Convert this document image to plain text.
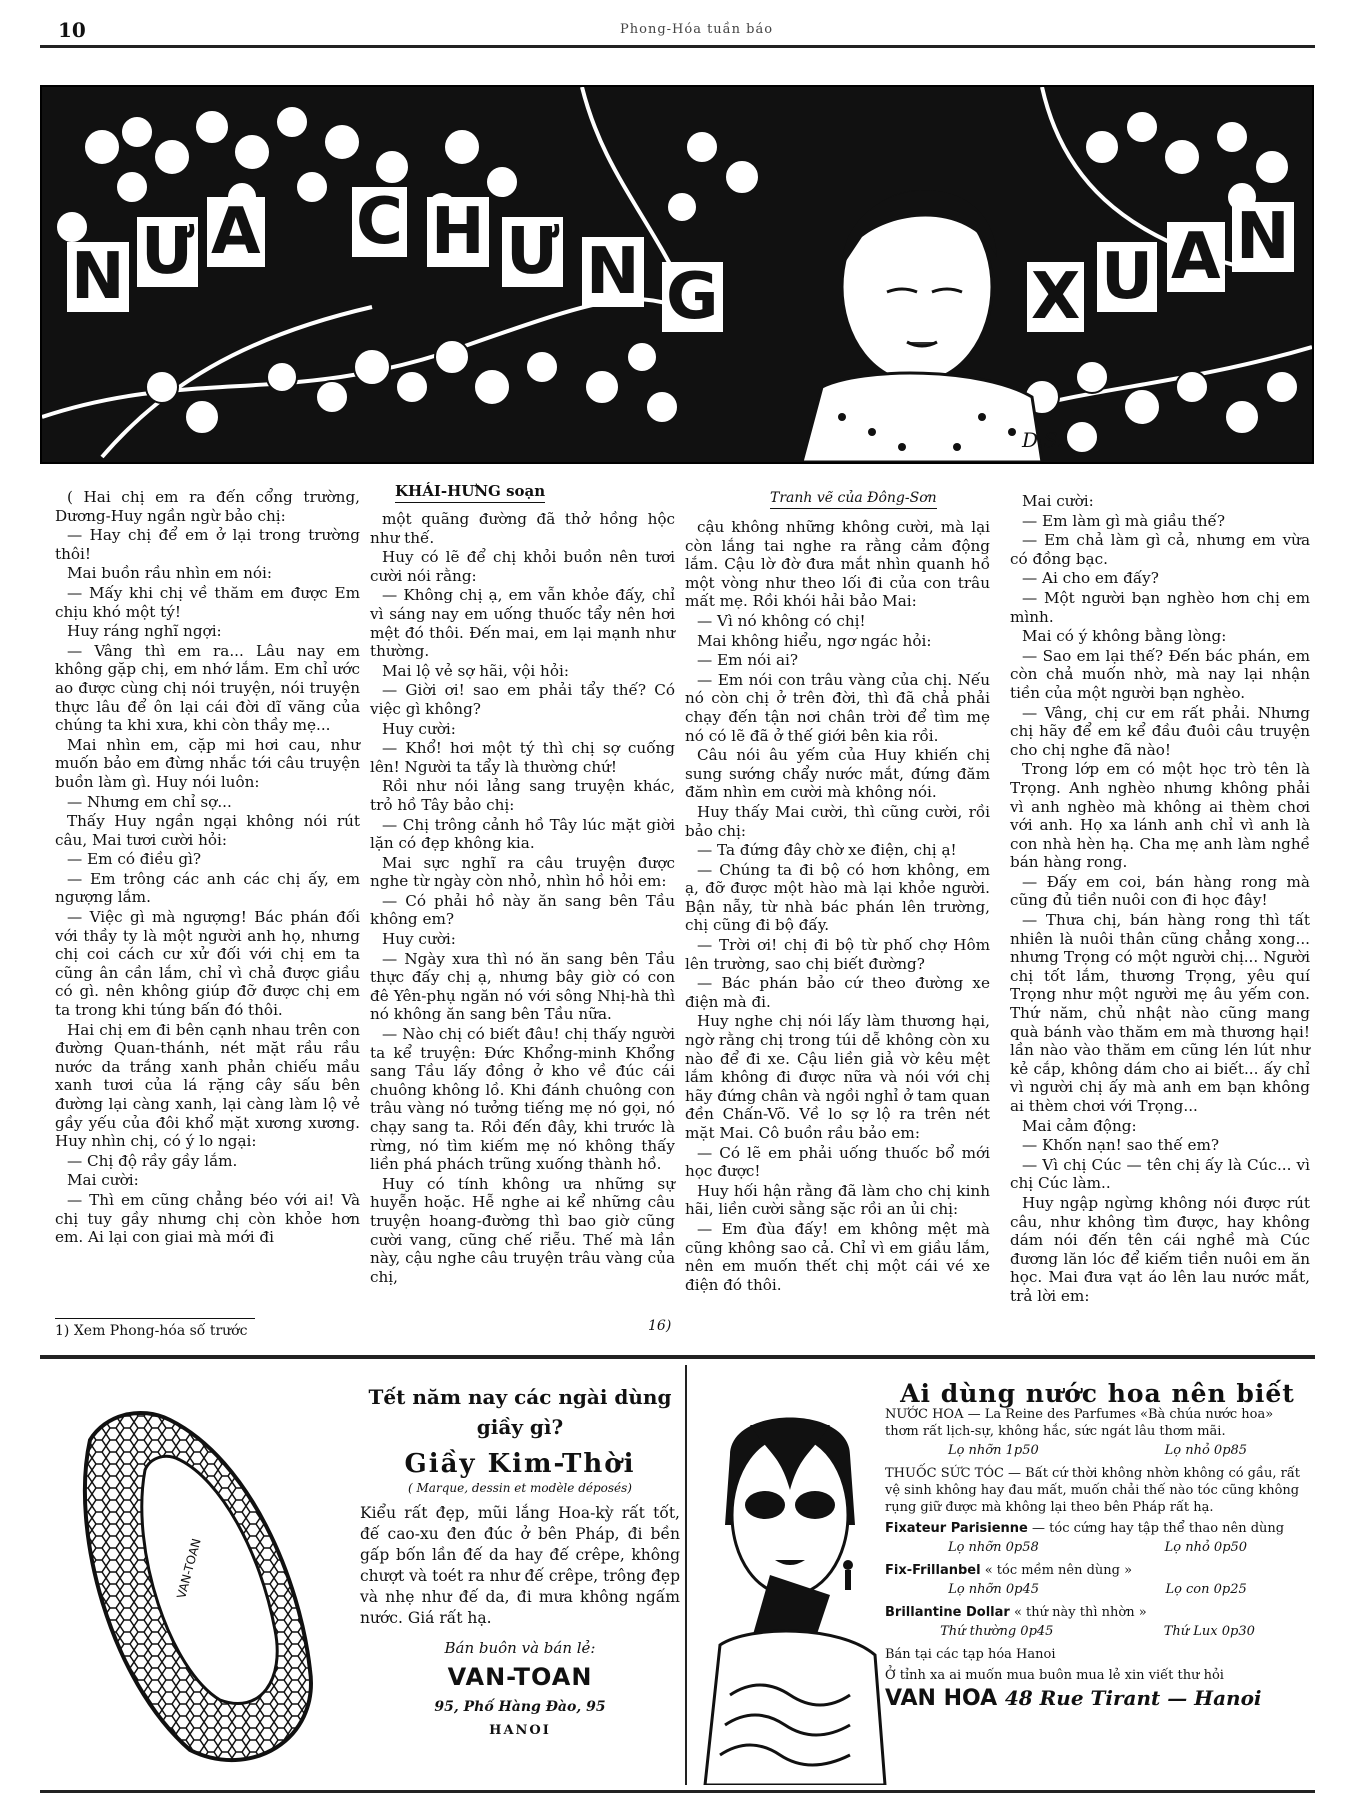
10	Phong-Hóa tuần báo
D.S.
N Ư A C H Ư N G	X U A N
KHÁI-HƯNG soạn	Tranh vẽ của Đông-Sơn

( Hai chị em ra đến cổng trường, Dương-Huy ngần ngừ bảo chị:

— Hay chị để em ở lại trong trường thôi!

Mai buồn rầu nhìn em nói:

— Mấy khi chị về thăm em được Em chịu khó một tý!

Huy ráng nghĩ ngợi:

— Vâng thì em ra... Lâu nay em không gặp chị, em nhớ lắm. Em chỉ ước ao được cùng chị nói truyện, nói truyện thực lâu để ôn lại cái đời dĩ vãng của chúng ta khi xưa, khi còn thầy mẹ...

Mai nhìn em, cặp mi hơi cau, như muốn bảo em đừng nhắc tới câu truyện buồn làm gì. Huy nói luôn:

— Nhưng em chỉ sợ...

Thấy Huy ngần ngại không nói rút câu, Mai tươi cười hỏi:

— Em có điều gì?

— Em trông các anh các chị ấy, em ngượng lắm.

— Việc gì mà ngượng! Bác phán đối với thầy ty là một người anh họ, nhưng chị coi cách cư xử đối với chị em ta cũng ân cần lắm, chỉ vì chả được giầu có gì. nên không giúp đỡ được chị em ta trong khi túng bấn đó thôi.

Hai chị em đi bên cạnh nhau trên con đường Quan-thánh, nét mặt rầu rầu nước da trắng xanh phản chiếu mầu xanh tươi của lá rặng cây sấu bên đường lại càng xanh, lại càng làm lộ vẻ gầy yếu của đôi khổ mặt xương xương. Huy nhìn chị, có ý lo ngại:

— Chị độ rầy gầy lắm.

Mai cười:

— Thì em cũng chẳng béo với ai! Và chị tuy gầy nhưng chị còn khỏe hơn em. Ai lại con giai mà mới đi

một quãng đường đã thở hồng hộc như thế.

Huy có lẽ để chị khỏi buồn nên tươi cười nói rằng:

— Không chị ạ, em vẫn khỏe đấy, chỉ vì sáng nay em uống thuốc tẩy nên hơi mệt đó thôi. Đến mai, em lại mạnh như thường.

Mai lộ vẻ sợ hãi, vội hỏi:

— Giời ơi! sao em phải tẩy thế? Có việc gì không?

Huy cười:

— Khổ! hơi một tý thì chị sợ cuống lên! Người ta tẩy là thường chứ!

Rồi như nói lảng sang truyện khác, trỏ hồ Tây bảo chị:

— Chị trông cảnh hồ Tây lúc mặt giời lặn có đẹp không kia.

Mai sực nghĩ ra câu truyện được nghe từ ngày còn nhỏ, nhìn hồ hỏi em:

— Có phải hồ này ăn sang bên Tầu không em?

Huy cười:

— Ngày xưa thì nó ăn sang bên Tầu thực đấy chị ạ, nhưng bây giờ có con đê Yên-phụ ngăn nó với sông Nhị-hà thì nó không ăn sang bên Tầu nữa.

— Nào chị có biết đâu! chị thấy người ta kể truyện: Đức Khổng-minh Khổng sang Tầu lấy đồng ở kho về đúc cái chuông không lồ. Khi đánh chuông con trâu vàng nó tưởng tiếng mẹ nó gọi, nó chạy sang ta. Rồi đến đây, khi trước là rừng, nó tìm kiếm mẹ nó không thấy liền phá phách trũng xuống thành hồ.

Huy có tính không ưa những sự huyễn hoặc. Hễ nghe ai kể những câu truyện hoang-đường thì bao giờ cũng cười vang, cũng chế riễu. Thế mà lần này, cậu nghe câu truyện trâu vàng của chị,

cậu không những không cười, mà lại còn lắng tai nghe ra rằng cảm động lắm. Cậu lờ đờ đưa mắt nhìn quanh hồ một vòng như theo lối đi của con trâu mất mẹ. Rồi khói hải bảo Mai:

— Vì nó không có chị!

Mai không hiểu, ngơ ngác hỏi:

— Em nói ai?

— Em nói con trâu vàng của chị. Nếu nó còn chị ở trên đời, thì đã chả phải chạy đến tận nơi chân trời để tìm mẹ nó có lẽ đã ở thế giới bên kia rồi.

Câu nói âu yếm của Huy khiến chị sung sướng chẩy nước mắt, đứng đăm đăm nhìn em cười mà không nói.

Huy thấy Mai cười, thì cũng cười, rồi bảo chị:

— Ta đứng đây chờ xe điện, chị ạ!

— Chúng ta đi bộ có hơn không, em ạ, đỡ được một hào mà lại khỏe người. Bận nẫy, từ nhà bác phán lên trường, chị cũng đi bộ đấy.

— Trời ơi! chị đi bộ từ phố chợ Hôm lên trường, sao chị biết đường?

— Bác phán bảo cứ theo đường xe điện mà đi.

Huy nghe chị nói lấy làm thương hại, ngờ rằng chị trong túi dễ không còn xu nào để đi xe. Cậu liền giả vờ kêu mệt lắm không đi được nữa và nói với chị hãy đứng chân và ngồi nghỉ ở tam quan đền Chấn-Võ. Về lo sợ lộ ra trên nét mặt Mai. Cô buồn rầu bảo em:

— Có lẽ em phải uống thuốc bổ mới học được!

Huy hối hận rằng đã làm cho chị kinh hãi, liền cười sằng sặc rồi an ủi chị:

— Em đùa đấy! em không mệt mà cũng không sao cả. Chỉ vì em giầu lắm, nên em muốn thết chị một cái vé xe điện đó thôi.

Mai cười:

— Em làm gì mà giầu thế?

— Em chả làm gì cả, nhưng em vừa có đồng bạc.

— Ai cho em đấy?

— Một người bạn nghèo hơn chị em mình.

Mai có ý không bằng lòng:

— Sao em lại thế? Đến bác phán, em còn chả muốn nhờ, mà nay lại nhận tiền của một người bạn nghèo.

— Vâng, chị cư em rất phải. Nhưng chị hãy để em kể đầu đuôi câu truyện cho chị nghe đã nào!

Trong lớp em có một học trò tên là Trọng. Anh nghèo nhưng không phải vì anh nghèo mà không ai thèm chơi với anh. Họ xa lánh anh chỉ vì anh là con nhà hèn hạ. Cha mẹ anh làm nghề bán hàng rong.

— Đấy em coi, bán hàng rong mà cũng đủ tiền nuôi con đi học đây!

— Thưa chị, bán hàng rong thì tất nhiên là nuôi thân cũng chẳng xong... nhưng Trọng có một người chị... Người chị tốt lắm, thương Trọng, yêu quí Trọng như một người mẹ âu yếm con. Thứ năm, chủ nhật nào cũng mang quà bánh vào thăm em mà thương hại! lần nào vào thăm em cũng lén lút như kẻ cắp, không dám cho ai biết... ấy chỉ vì người chị ấy mà anh em bạn không ai thèm chơi với Trọng...

Mai cảm động:

— Khốn nạn! sao thế em?

— Vì chị Cúc — tên chị ấy là Cúc... vì chị Cúc làm..

Huy ngập ngừng không nói được rút câu, như không tìm được, hay không dám nói đến tên cái nghề mà Cúc đương lăn lóc để kiếm tiền nuôi em ăn học. Mai đưa vạt áo lên lau nước mắt, trả lời em:

1) Xem Phong-hóa số trước	16)
VAN-TOAN
Tết năm nay các ngài dùng
giầy gì?
Giầy Kim-Thời
( Marque, dessin et modèle déposés)
Kiểu rất đẹp, mũi lắng Hoa-kỳ rất tốt, đế cao-xu đen đúc ở bên Pháp, đi bền gấp bốn lần đế da hay đế crêpe, không chượt và toét ra như đế crêpe, trông đẹp và nhẹ như đế da, đi mưa không ngấm nước. Giá rất hạ.
Bán buôn và bán lẻ:
VAN-TOAN
95, Phố Hàng Đào, 95
HANOI
Ai dùng nước hoa nên biết
NƯỚC HOA — La Reine des Parfumes «Bà chúa nước hoa» thơm rất lịch-sự, không hắc, sức ngát lâu thơm mãi.
Lọ nhỡn 1p50	Lọ nhỏ 0p85
THUỐC SỨC TÓC — Bất cứ thời không nhờn không có gầu, rất vệ sinh không hay đau mất, muốn chải thế nào tóc cũng không rụng giữ được mà không lại theo bên Pháp rất hạ.
Fixateur Parisienne — tóc cứng hay tập thể thao nên dùng
Lọ nhỡn 0p58	Lọ nhỏ 0p50
Fix-Frillanbel « tóc mềm nên dùng »
Lọ nhỡn 0p45	Lọ con 0p25
Brillantine Dollar « thứ này thì nhờn »
Thứ thường 0p45	Thứ Lux 0p30
Bán tại các tạp hóa Hanoi
Ở tỉnh xa ai muốn mua buôn mua lẻ xin viết thư hỏi
VAN HOA 48 Rue Tirant — Hanoi
